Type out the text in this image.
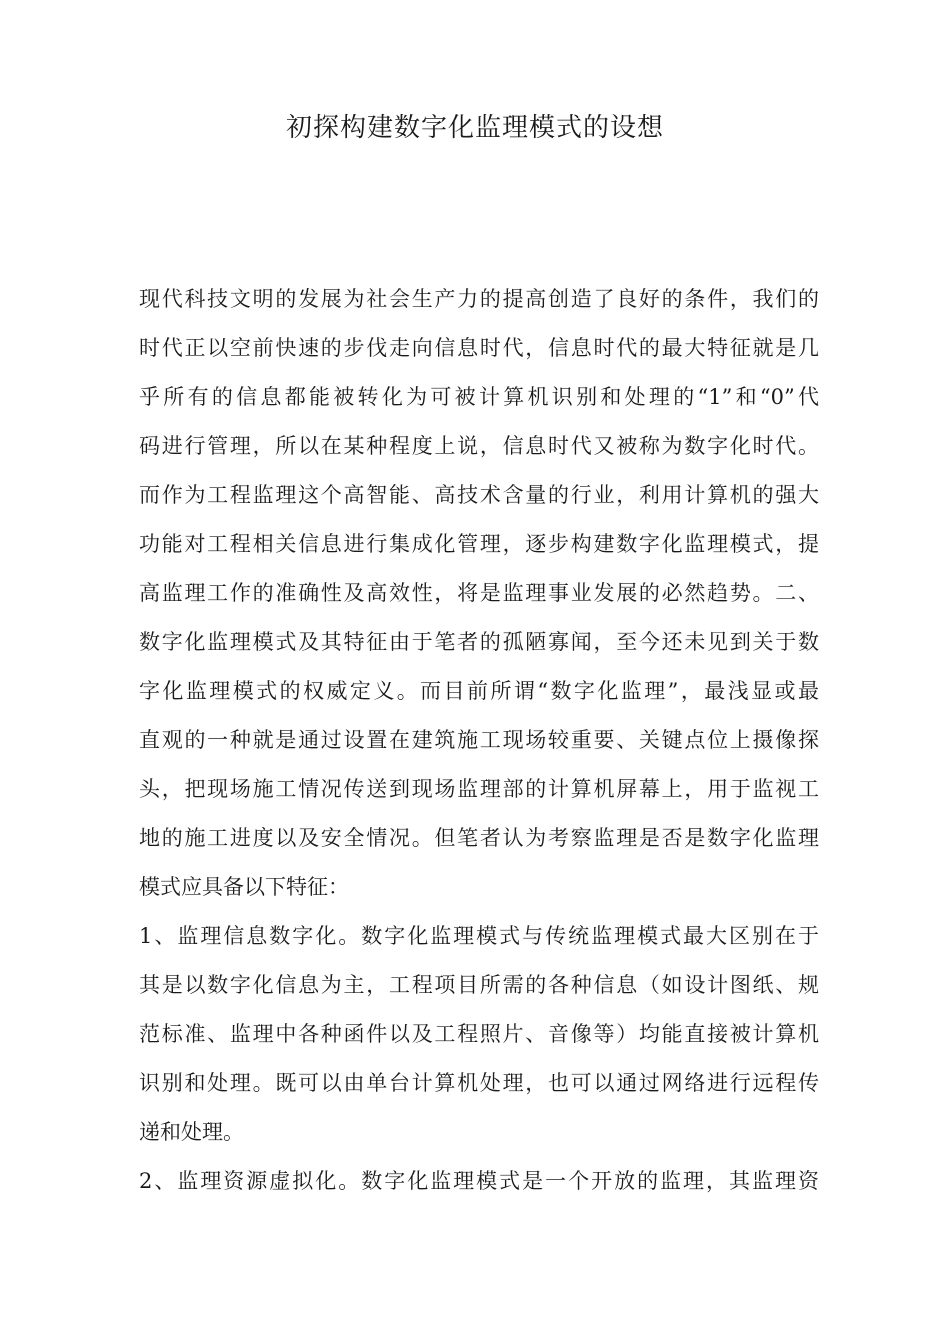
初探构建数字化监理模式的设想
现代科技文明的发展为社会生产力的提高创造了良好的条件，我们的
时代正以空前快速的步伐走向信息时代，信息时代的最大特征就是几
乎所有的信息都能被转化为可被计算机识别和处理的“1”和“0”代
码进行管理，所以在某种程度上说，信息时代又被称为数字化时代。
而作为工程监理这个高智能、高技术含量的行业，利用计算机的强大
功能对工程相关信息进行集成化管理，逐步构建数字化监理模式，提
高监理工作的准确性及高效性，将是监理事业发展的必然趋势。二、
数字化监理模式及其特征由于笔者的孤陋寡闻，至今还未见到关于数
字化监理模式的权威定义。而目前所谓“数字化监理”，最浅显或最
直观的一种就是通过设置在建筑施工现场较重要、关键点位上摄像探
头，把现场施工情况传送到现场监理部的计算机屏幕上，用于监视工
地的施工进度以及安全情况。但笔者认为考察监理是否是数字化监理
模式应具备以下特征：
1、监理信息数字化。数字化监理模式与传统监理模式最大区别在于
其是以数字化信息为主，工程项目所需的各种信息（如设计图纸、规
范标准、监理中各种函件以及工程照片、音像等）均能直接被计算机
识别和处理。既可以由单台计算机处理，也可以通过网络进行远程传
递和处理。
2、监理资源虚拟化。数字化监理模式是一个开放的监理，其监理资
